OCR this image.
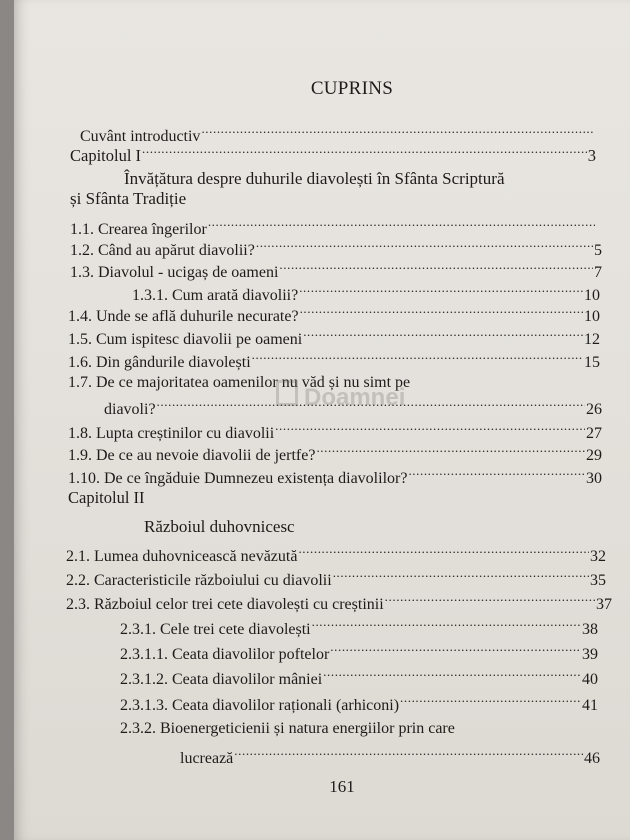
CUPRINS
Cuvânt introductiv
.....
Capitolul I .....	3
Învățătura despre duhurile diavolești în Sfânta Scriptură
și Sfânta Tradiție
1.1. Crearea îngerilor
.....
1.2. Când au apărut diavolii? .....	5
1.3. Diavolul - ucigaș de oameni .....	7
1.3.1. Cum arată diavolii? .....	10
1.4. Unde se află duhurile necurate? .....	10
1.5. Cum ispitesc diavolii pe oameni .....	12
1.6. Din gândurile diavolești .....	15
1.7. De ce majoritatea oamenilor nu văd și nu simt pe
diavoli? .....	26
1.8. Lupta creștinilor cu diavolii .....	27
1.9. De ce au nevoie diavolii de jertfe? .....	29
1.10. De ce îngăduie Dumnezeu existența diavolilor? .....	30
Capitolul II
Războiul duhovnicesc
2.1. Lumea duhovnicească nevăzută .....	32
2.2. Caracteristicile războiului cu diavolii .....	35
2.3. Războiul celor trei cete diavolești cu creștinii .....	37
2.3.1. Cele trei cete diavolești .....	38
2.3.1.1. Ceata diavolilor poftelor .....	39
2.3.1.2. Ceata diavolilor mâniei .....	40
2.3.1.3. Ceata diavolilor raționali (arhiconi) .....	41
2.3.2. Bioenergeticienii și natura energiilor prin care
lucrează .....	46
Doamnei
161
